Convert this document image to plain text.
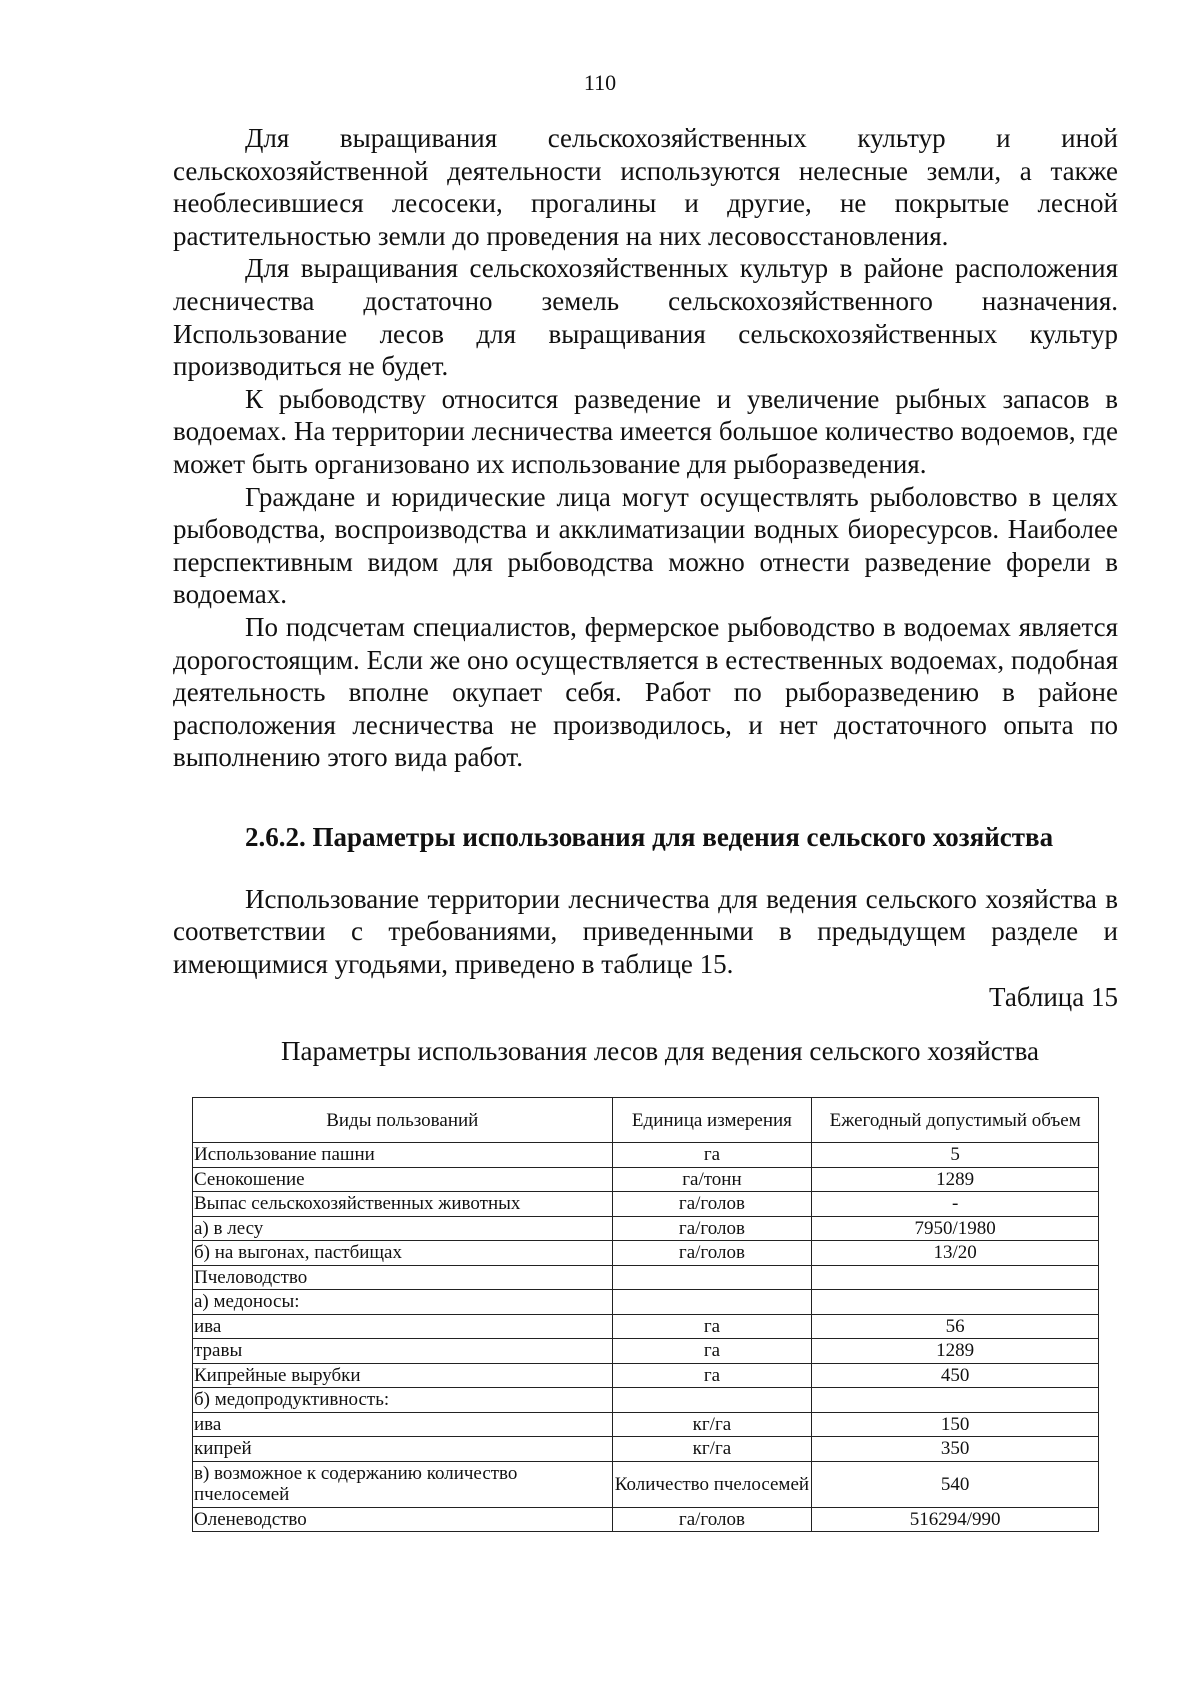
110

Для выращивания сельскохозяйственных культур и иной сельскохозяйственной деятельности используются нелесные земли, а также необлесившиеся лесосеки, прогалины и другие, не покрытые лесной растительностью земли до проведения на них лесовосстановления.

Для выращивания сельскохозяйственных культур в районе расположения лесничества достаточно земель сельскохозяйственного назначения. Использование лесов для выращивания сельскохозяйственных культур производиться не будет.

К рыбоводству относится разведение и увеличение рыбных запасов в водоемах. На территории лесничества имеется большое количество водоемов, где может быть организовано их использование для рыборазведения.

Граждане и юридические лица могут осуществлять рыболовство в целях рыбоводства, воспроизводства и акклиматизации водных биоресурсов. Наиболее перспективным видом для рыбоводства можно отнести разведение форели в водоемах.

По подсчетам специалистов, фермерское рыбоводство в водоемах является дорогостоящим. Если же оно осуществляется в естественных водоемах, подобная деятельность вполне окупает себя. Работ по рыборазведению в районе расположения лесничества не производилось, и нет достаточного опыта по выполнению этого вида работ.

2.6.2. Параметры использования для ведения сельского хозяйства

Использование территории лесничества для ведения сельского хозяйства в соответствии с требованиями, приведенными в предыдущем разделе и имеющимися угодьями, приведено в таблице 15.

Таблица 15

Параметры использования лесов для ведения сельского хозяйства

Виды пользований	Единица измерения	Ежегодный допустимый объем
Использование пашни	га	5
Сенокошение	га/тонн	1289
Выпас сельскохозяйственных животных	га/голов	-
а) в лесу	га/голов	7950/1980
б) на выгонах, пастбищах	га/голов	13/20
Пчеловодство		
а) медоносы:		
ива	га	56
травы	га	1289
Кипрейные вырубки	га	450
б) медопродуктивность:		
ива	кг/га	150
кипрей	кг/га	350
в) возможное к содержанию количество пчелосемей	Количество пчелосемей	540
Оленеводство	га/голов	516294/990
